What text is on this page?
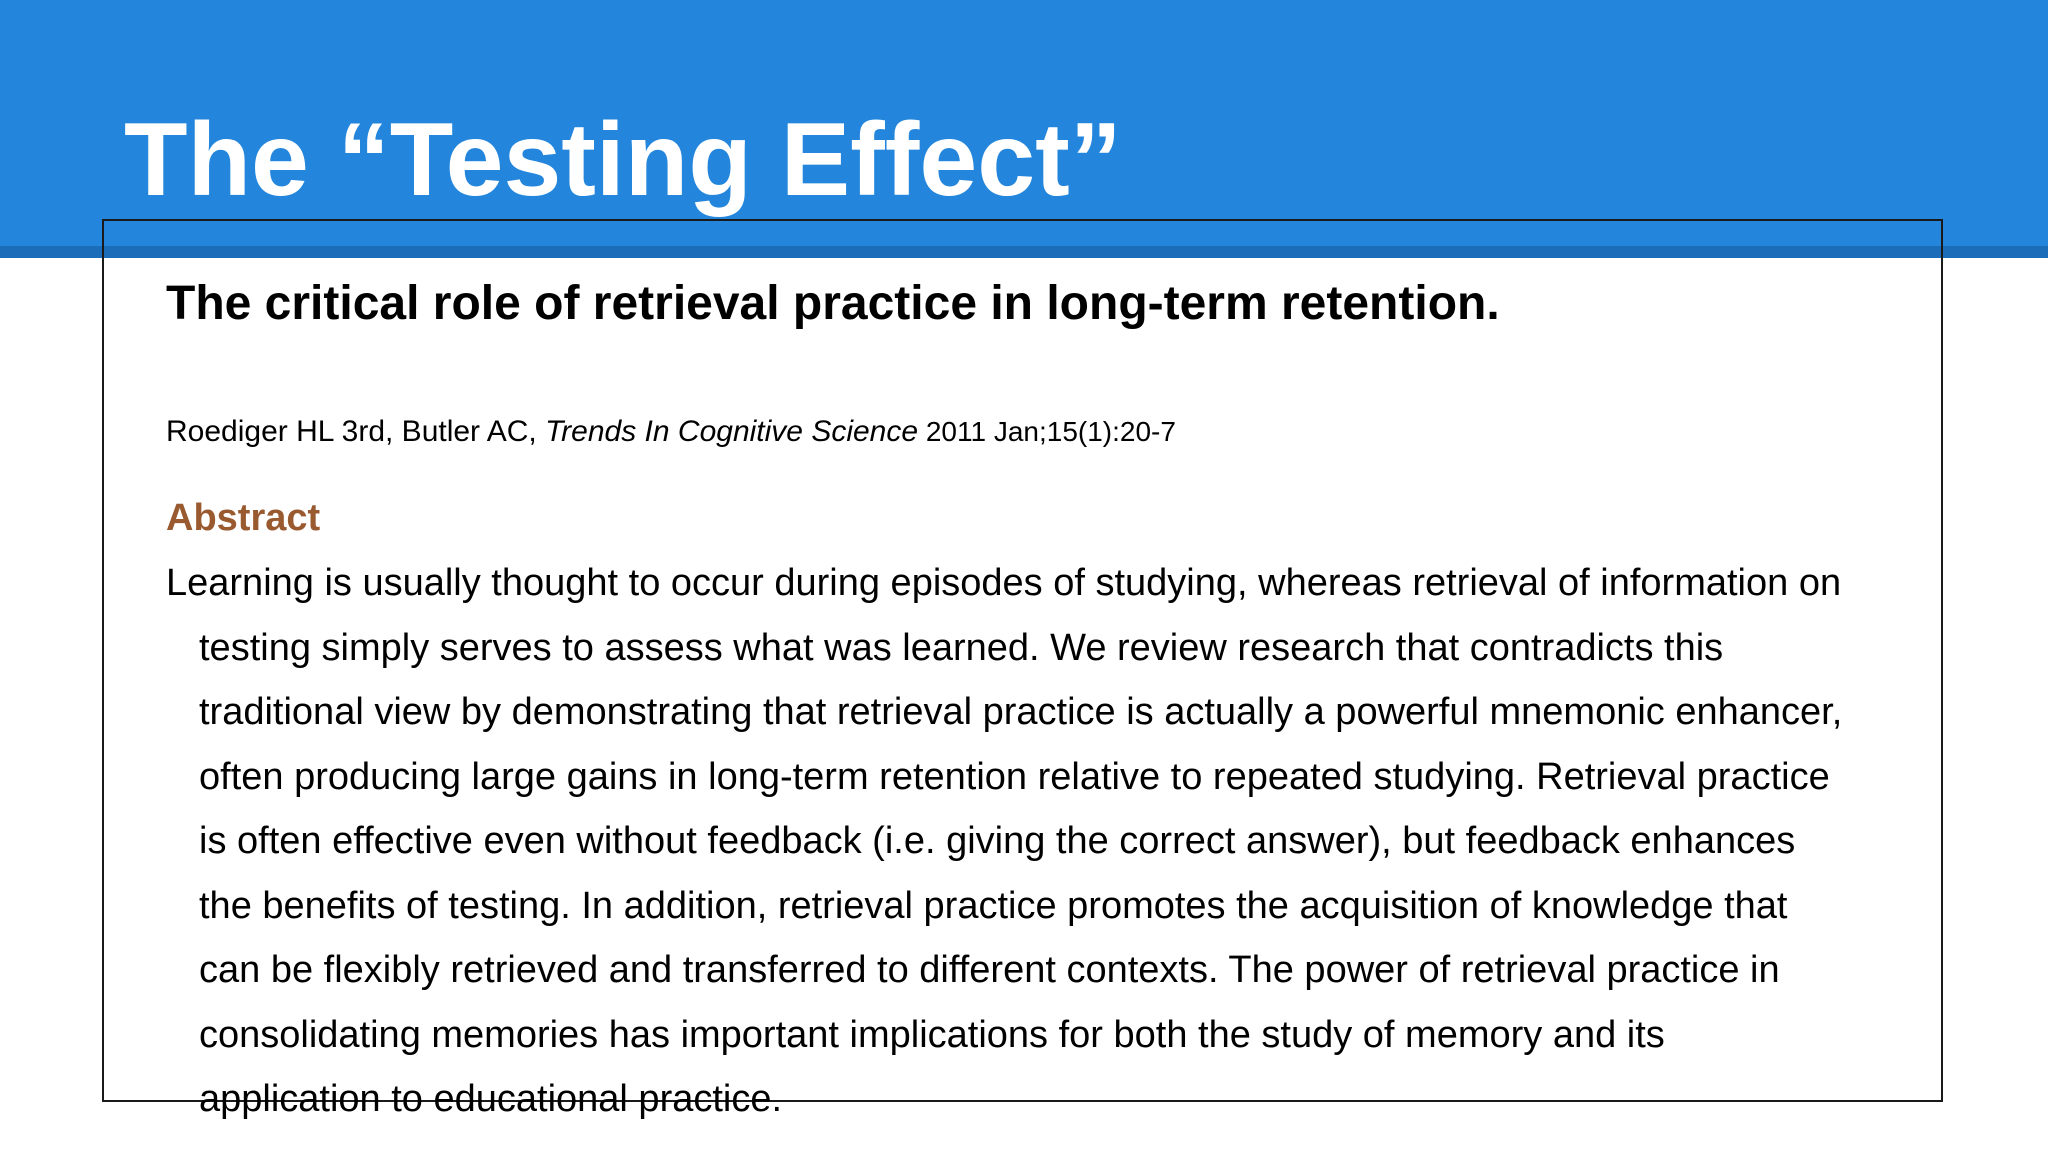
The “Testing Effect”
The critical role of retrieval practice in long-term retention.

Roediger HL 3rd, Butler AC, Trends In Cognitive Science 2011 Jan;15(1):20-7

Abstract
Learning is usually thought to occur during episodes of studying, whereas retrieval of information on
testing simply serves to assess what was learned. We review research that contradicts this
traditional view by demonstrating that retrieval practice is actually a powerful mnemonic enhancer,
often producing large gains in long-term retention relative to repeated studying. Retrieval practice
is often effective even without feedback (i.e. giving the correct answer), but feedback enhances
the benefits of testing. In addition, retrieval practice promotes the acquisition of knowledge that
can be flexibly retrieved and transferred to different contexts. The power of retrieval practice in
consolidating memories has important implications for both the study of memory and its
application to educational practice.
